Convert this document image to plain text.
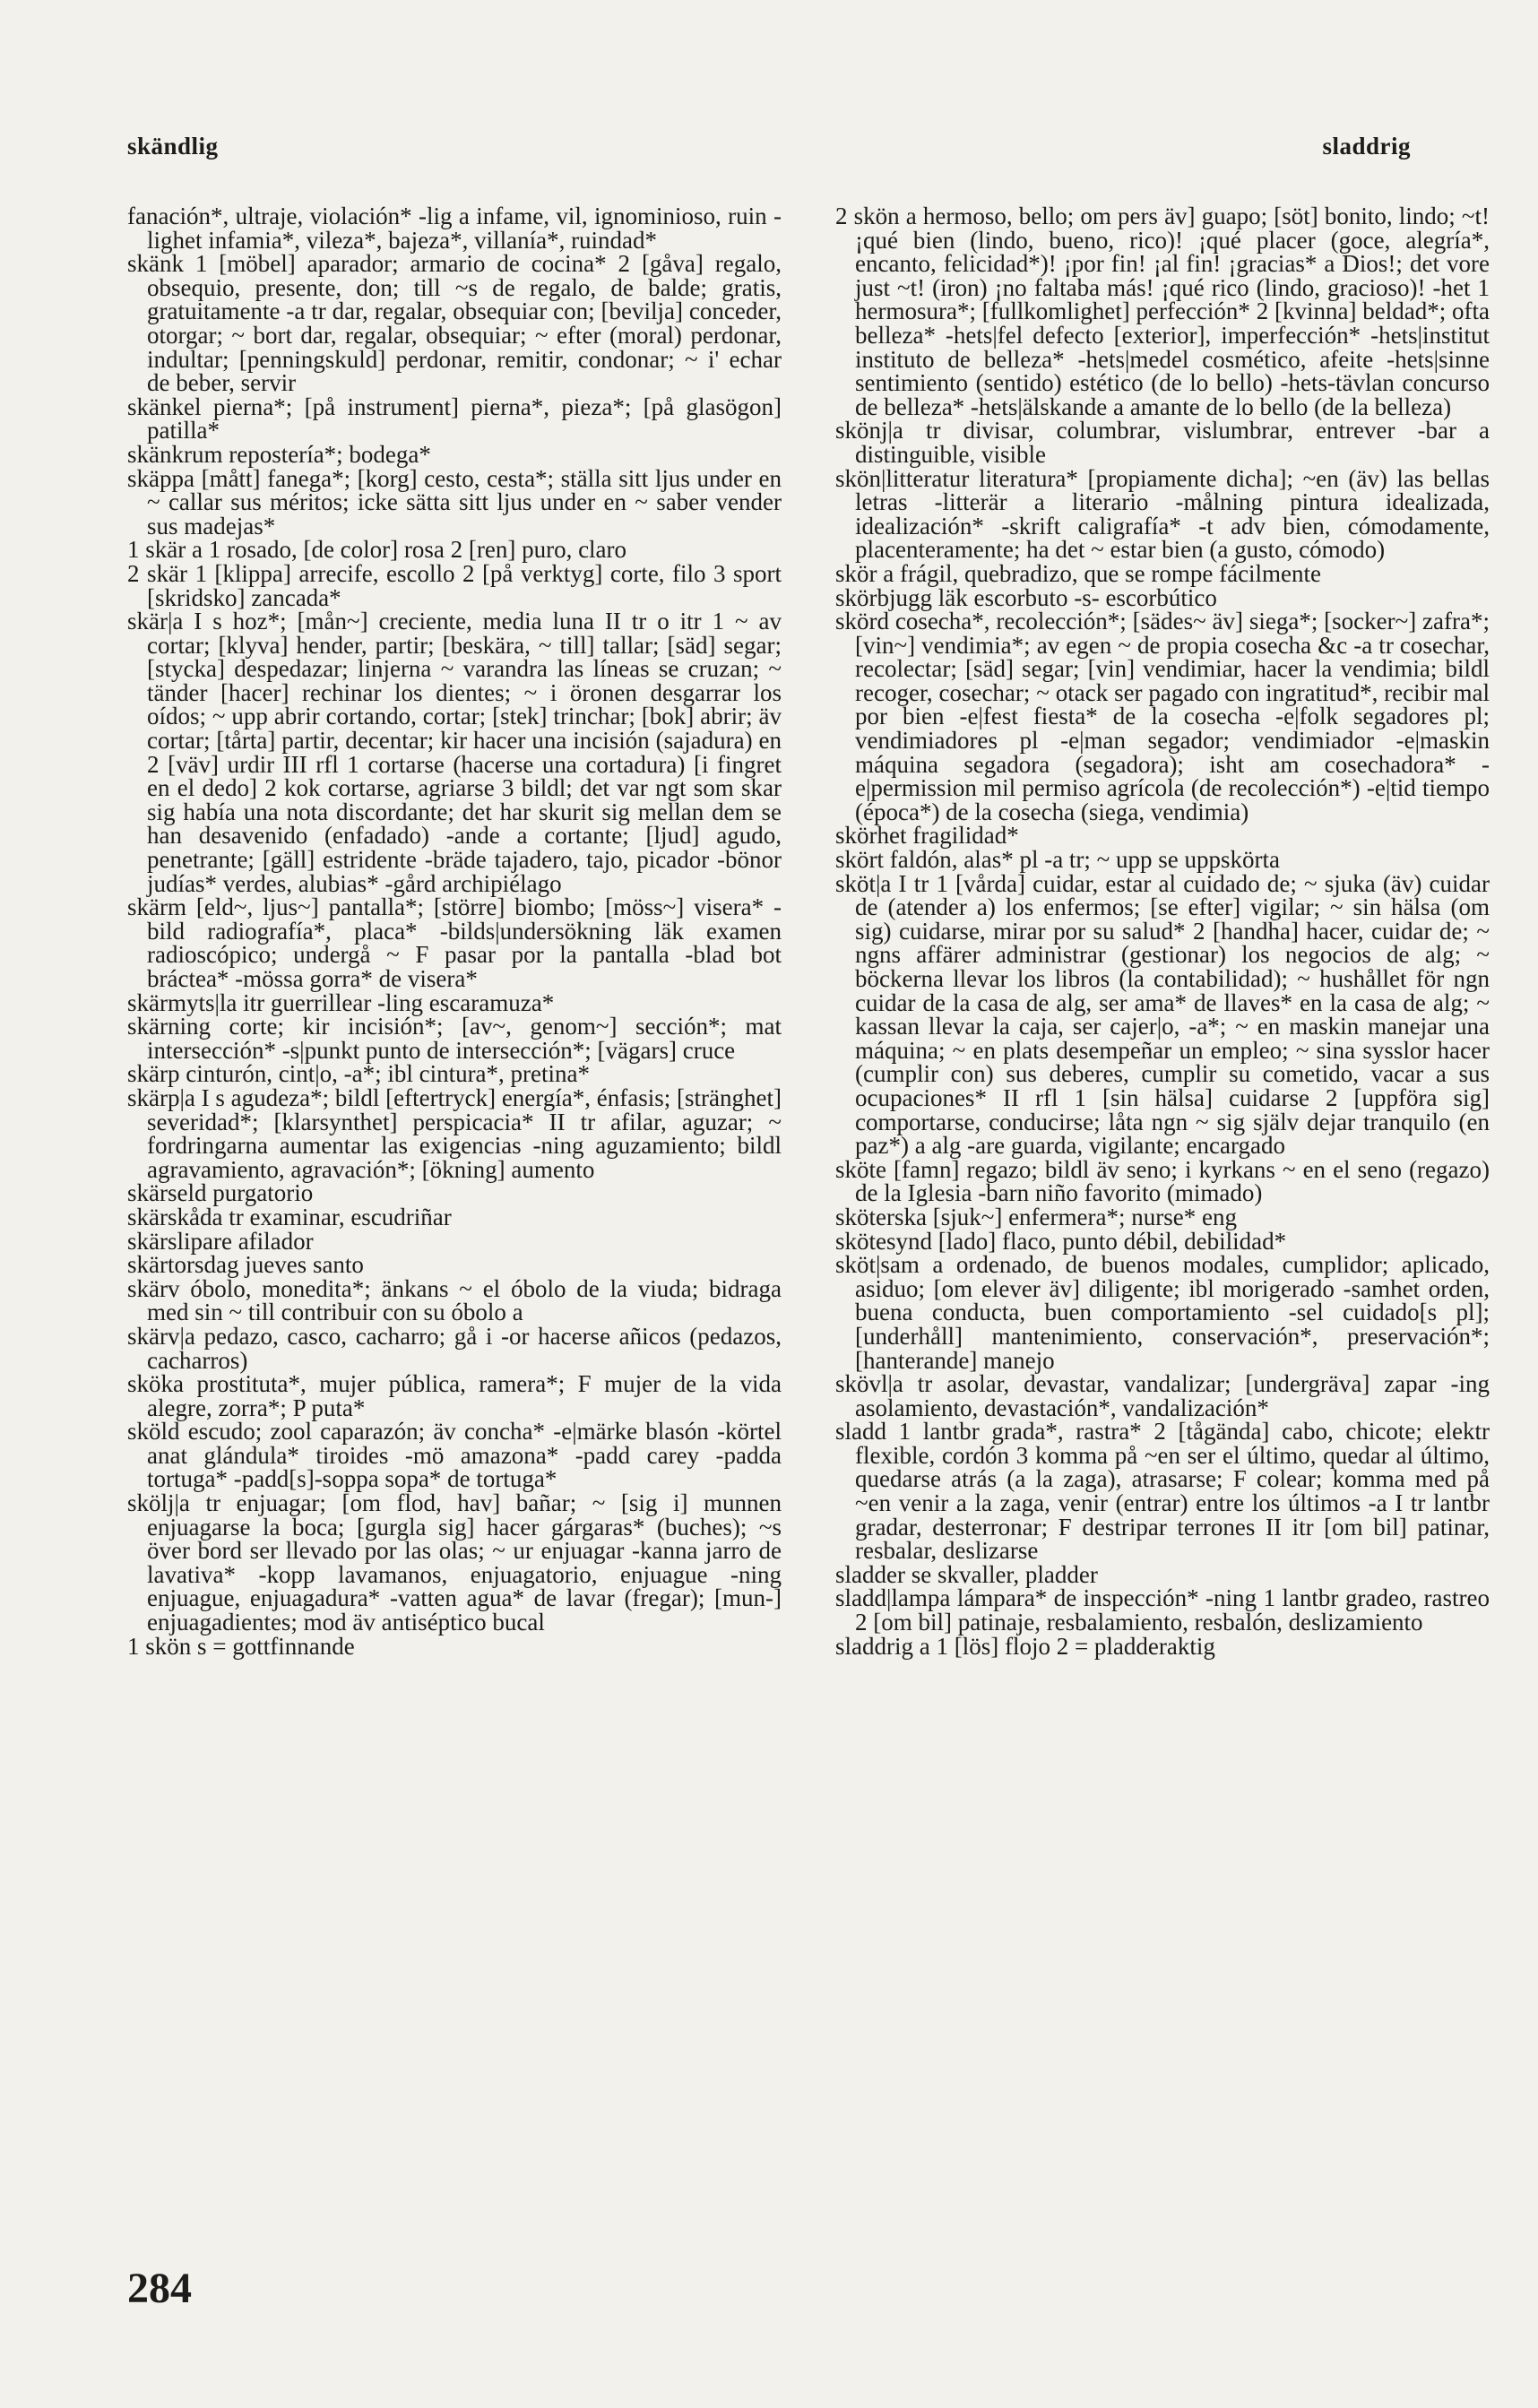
skändlig	sladdrig

fanación*, ultraje, violación* -lig a infame, vil, ignominioso, ruin -lighet infamia*, vileza*, bajeza*, villanía*, ruindad*

skänk 1 [möbel] aparador; armario de cocina* 2 [gåva] regalo, obsequio, presente, don; till ~s de regalo, de balde; gratis, gratuitamente -a tr dar, regalar, obsequiar con; [bevilja] conceder, otorgar; ~ bort dar, regalar, obsequiar; ~ efter (moral) perdonar, indultar; [penningskuld] perdonar, remitir, condonar; ~ i' echar de beber, servir

skänkel pierna*; [på instrument] pierna*, pieza*; [på glasögon] patilla*

skänkrum repostería*; bodega*

skäppa [mått] fanega*; [korg] cesto, cesta*; ställa sitt ljus under en ~ callar sus méritos; icke sätta sitt ljus under en ~ saber vender sus madejas*

1 skär a 1 rosado, [de color] rosa 2 [ren] puro, claro

2 skär 1 [klippa] arrecife, escollo 2 [på verktyg] corte, filo 3 sport [skridsko] zancada*

skär|a I s hoz*; [mån~] creciente, media luna II tr o itr 1 ~ av cortar; [klyva] hender, partir; [beskära, ~ till] tallar; [säd] segar; [stycka] despedazar; linjerna ~ varandra las líneas se cruzan; ~ tänder [hacer] rechinar los dientes; ~ i öronen desgarrar los oídos; ~ upp abrir cortando, cortar; [stek] trinchar; [bok] abrir; äv cortar; [tårta] partir, decentar; kir hacer una incisión (sajadura) en 2 [väv] urdir III rfl 1 cortarse (hacerse una cortadura) [i fingret en el dedo] 2 kok cortarse, agriarse 3 bildl; det var ngt som skar sig había una nota discordante; det har skurit sig mellan dem se han desavenido (enfadado) -ande a cortante; [ljud] agudo, penetrante; [gäll] estridente -bräde tajadero, tajo, picador -bönor judías* verdes, alubias* -gård archipiélago

skärm [eld~, ljus~] pantalla*; [större] biombo; [möss~] visera* -bild radiografía*, placa* -bilds|undersökning läk examen radioscópico; undergå ~ F pasar por la pantalla -blad bot bráctea* -mössa gorra* de visera*

skärmyts|la itr guerrillear -ling escaramuza*

skärning corte; kir incisión*; [av~, genom~] sección*; mat intersección* -s|punkt punto de intersección*; [vägars] cruce

skärp cinturón, cint|o, -a*; ibl cintura*, pretina*

skärp|a I s agudeza*; bildl [eftertryck] energía*, énfasis; [stränghet] severidad*; [klarsynthet] perspicacia* II tr afilar, aguzar; ~ fordringarna aumentar las exigencias -ning aguzamiento; bildl agravamiento, agravación*; [ökning] aumento

skärseld purgatorio

skärskåda tr examinar, escudriñar

skärslipare afilador

skärtorsdag jueves santo

skärv óbolo, monedita*; änkans ~ el óbolo de la viuda; bidraga med sin ~ till contribuir con su óbolo a

skärv|a pedazo, casco, cacharro; gå i -or hacerse añicos (pedazos, cacharros)

sköka prostituta*, mujer pública, ramera*; F mujer de la vida alegre, zorra*; P puta*

sköld escudo; zool caparazón; äv concha* -e|märke blasón -körtel anat glándula* tiroides -mö amazona* -padd carey -padda tortuga* -padd[s]-soppa sopa* de tortuga*

skölj|a tr enjuagar; [om flod, hav] bañar; ~ [sig i] munnen enjuagarse la boca; [gurgla sig] hacer gárgaras* (buches); ~s över bord ser llevado por las olas; ~ ur enjuagar -kanna jarro de lavativa* -kopp lavamanos, enjuagatorio, enjuague -ning enjuague, enjuagadura* -vatten agua* de lavar (fregar); [mun-] enjuagadientes; mod äv antiséptico bucal

1 skön s = gottfinnande

2 skön a hermoso, bello; om pers äv] guapo; [söt] bonito, lindo; ~t! ¡qué bien (lindo, bueno, rico)! ¡qué placer (goce, alegría*, encanto, felicidad*)! ¡por fin! ¡al fin! ¡gracias* a Dios!; det vore just ~t! (iron) ¡no faltaba más! ¡qué rico (lindo, gracioso)! -het 1 hermosura*; [fullkomlighet] perfección* 2 [kvinna] beldad*; ofta belleza* -hets|fel defecto [exterior], imperfección* -hets|institut instituto de belleza* -hets|medel cosmético, afeite -hets|sinne sentimiento (sentido) estético (de lo bello) -hets-tävlan concurso de belleza* -hets|älskande a amante de lo bello (de la belleza)

skönj|a tr divisar, columbrar, vislumbrar, entrever -bar a distinguible, visible

skön|litteratur literatura* [propiamente dicha]; ~en (äv) las bellas letras -litterär a literario -målning pintura idealizada, idealización* -skrift caligrafía* -t adv bien, cómodamente, placenteramente; ha det ~ estar bien (a gusto, cómodo)

skör a frágil, quebradizo, que se rompe fácilmente

skörbjugg läk escorbuto -s- escorbútico

skörd cosecha*, recolección*; [sädes~ äv] siega*; [socker~] zafra*; [vin~] vendimia*; av egen ~ de propia cosecha &c -a tr cosechar, recolectar; [säd] segar; [vin] vendimiar, hacer la vendimia; bildl recoger, cosechar; ~ otack ser pagado con ingratitud*, recibir mal por bien -e|fest fiesta* de la cosecha -e|folk segadores pl; vendimiadores pl -e|man segador; vendimiador -e|maskin máquina segadora (segadora); isht am cosechadora* -e|permission mil permiso agrícola (de recolección*) -e|tid tiempo (época*) de la cosecha (siega, vendimia)

skörhet fragilidad*

skört faldón, alas* pl -a tr; ~ upp se uppskörta

sköt|a I tr 1 [vårda] cuidar, estar al cuidado de; ~ sjuka (äv) cuidar de (atender a) los enfermos; [se efter] vigilar; ~ sin hälsa (om sig) cuidarse, mirar por su salud* 2 [handha] hacer, cuidar de; ~ ngns affärer administrar (gestionar) los negocios de alg; ~ böckerna llevar los libros (la contabilidad); ~ hushållet för ngn cuidar de la casa de alg, ser ama* de llaves* en la casa de alg; ~ kassan llevar la caja, ser cajer|o, -a*; ~ en maskin manejar una máquina; ~ en plats desempeñar un empleo; ~ sina sysslor hacer (cumplir con) sus deberes, cumplir su cometido, vacar a sus ocupaciones* II rfl 1 [sin hälsa] cuidarse 2 [uppföra sig] comportarse, conducirse; låta ngn ~ sig själv dejar tranquilo (en paz*) a alg -are guarda, vigilante; encargado

sköte [famn] regazo; bildl äv seno; i kyrkans ~ en el seno (regazo) de la Iglesia -barn niño favorito (mimado)

sköterska [sjuk~] enfermera*; nurse* eng

skötesynd [lado] flaco, punto débil, debilidad*

sköt|sam a ordenado, de buenos modales, cumplidor; aplicado, asiduo; [om elever äv] diligente; ibl morigerado -samhet orden, buena conducta, buen comportamiento -sel cuidado[s pl]; [underhåll] mantenimiento, conservación*, preservación*; [hanterande] manejo

skövl|a tr asolar, devastar, vandalizar; [undergräva] zapar -ing asolamiento, devastación*, vandalización*

sladd 1 lantbr grada*, rastra* 2 [tågända] cabo, chicote; elektr flexible, cordón 3 komma på ~en ser el último, quedar al último, quedarse atrás (a la zaga), atrasarse; F colear; komma med på ~en venir a la zaga, venir (entrar) entre los últimos -a I tr lantbr gradar, desterronar; F destripar terrones II itr [om bil] patinar, resbalar, deslizarse

sladder se skvaller, pladder

sladd|lampa lámpara* de inspección* -ning 1 lantbr gradeo, rastreo 2 [om bil] patinaje, resbalamiento, resbalón, deslizamiento

sladdrig a 1 [lös] flojo 2 = pladderaktig

284
